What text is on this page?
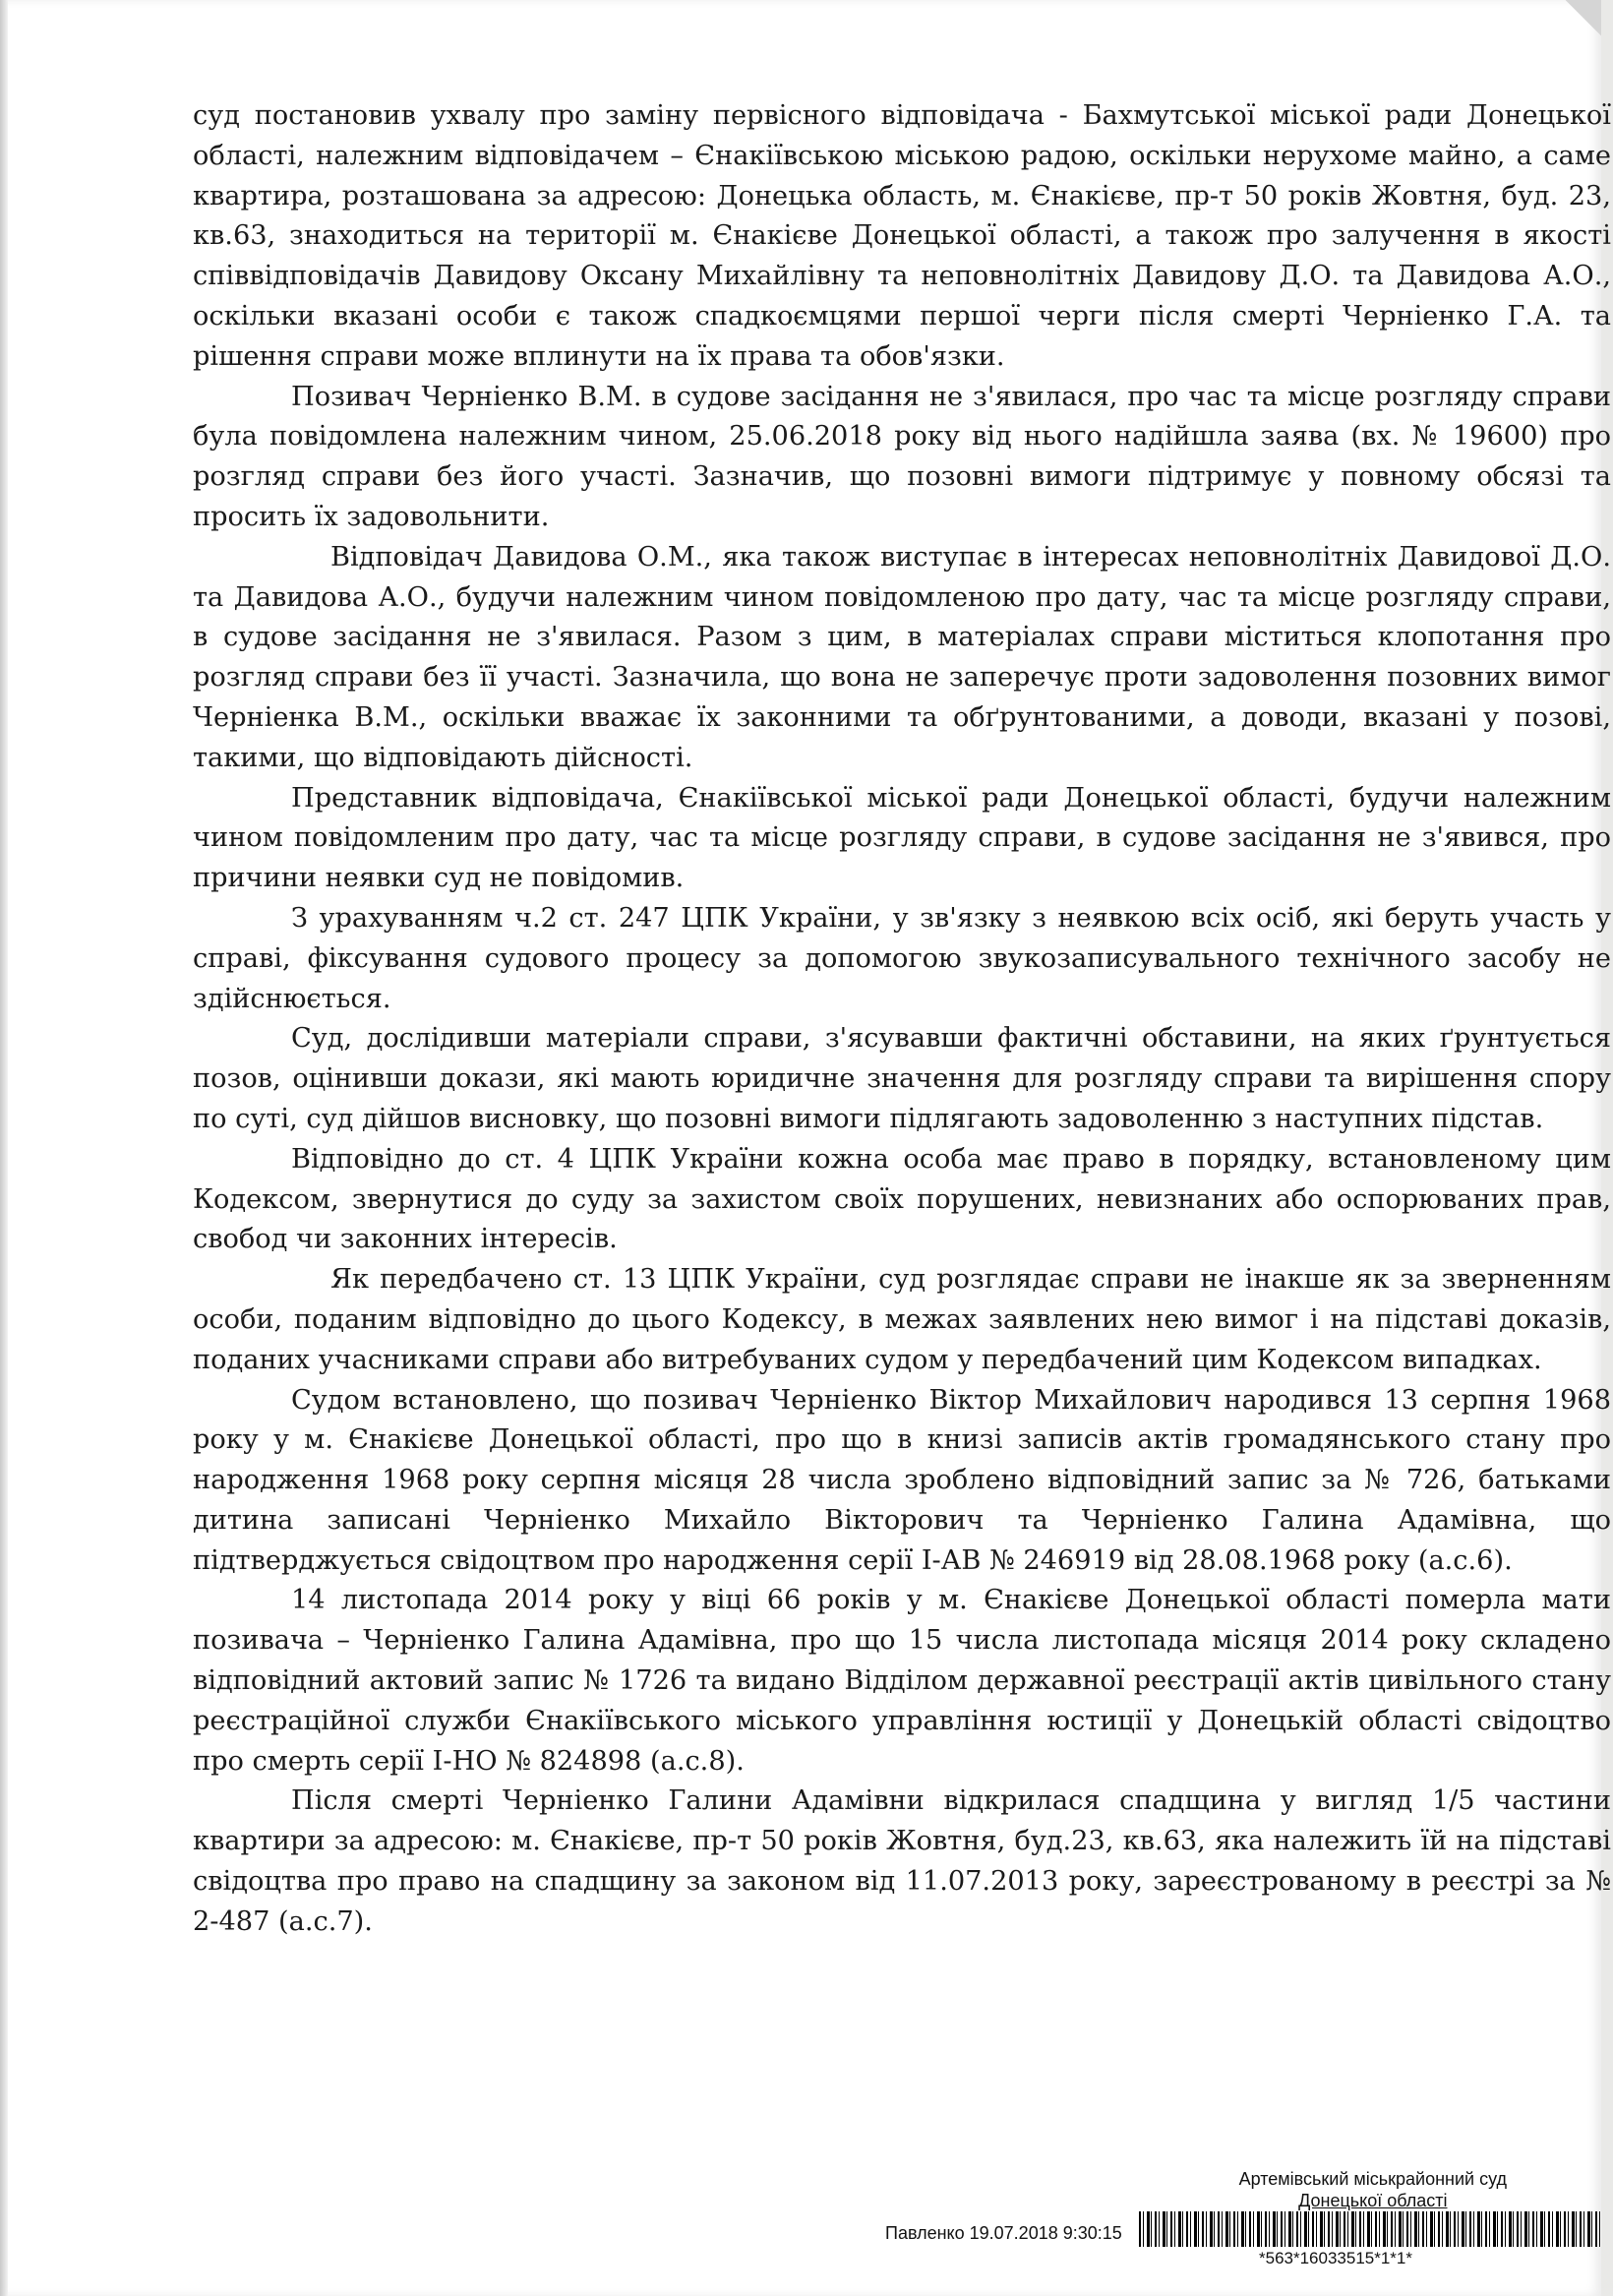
суд постановив ухвалу про заміну первісного відповідача - Бахмутської міської ради Донецької області, належним відповідачем – Єнакіївською міською радою, оскільки нерухоме майно, а саме квартира, розташована за адресою: Донецька область, м. Єнакієве, пр-т 50 років Жовтня, буд. 23, кв.63, знаходиться на території м. Єнакієве Донецької області, а також про залучення в якості співвідповідачів Давидову Оксану Михайлівну та неповнолітніх Давидову Д.О. та Давидова А.О., оскільки вказані особи є також спадкоємцями першої черги після смерті Черніенко Г.А. та рішення справи може вплинути на їх права та обов'язки.

Позивач Черніенко В.М. в судове засідання не з'явилася, про час та місце розгляду справи була повідомлена належним чином, 25.06.2018 року від нього надійшла заява (вх. № 19600) про розгляд справи без його участі. Зазначив, що позовні вимоги підтримує у повному обсязі та просить їх задовольнити.

Відповідач Давидова О.М., яка також виступає в інтересах неповнолітніх Давидової Д.О. та Давидова А.О., будучи належним чином повідомленою про дату, час та місце розгляду справи, в судове засідання не з'явилася. Разом з цим, в матеріалах справи міститься клопотання про розгляд справи без її участі. Зазначила, що вона не заперечує проти задоволення позовних вимог Черніенка В.М., оскільки вважає їх законними та обґрунтованими, а доводи, вказані у позові, такими, що відповідають дійсності.

Представник відповідача, Єнакіївської міської ради Донецької області, будучи належним чином повідомленим про дату, час та місце розгляду справи, в судове засідання не з'явився, про причини неявки суд не повідомив.

З урахуванням ч.2 ст. 247 ЦПК України, у зв'язку з неявкою всіх осіб, які беруть участь у справі, фіксування судового процесу за допомогою звукозаписувального технічного засобу не здійснюється.

Суд, дослідивши матеріали справи, з'ясувавши фактичні обставини, на яких ґрунтується позов, оцінивши докази, які мають юридичне значення для розгляду справи та вирішення спору по суті, суд дійшов висновку, що позовні вимоги підлягають задоволенню з наступних підстав.

Відповідно до ст. 4 ЦПК України кожна особа має право в порядку, встановленому цим Кодексом, звернутися до суду за захистом своїх порушених, невизнаних або оспорюваних прав, свобод чи законних інтересів.

Як передбачено ст. 13 ЦПК України, суд розглядає справи не інакше як за зверненням особи, поданим відповідно до цього Кодексу, в межах заявлених нею вимог і на підставі доказів, поданих учасниками справи або витребуваних судом у передбачений цим Кодексом випадках.

Судом встановлено, що позивач Черніенко Віктор Михайлович народився 13 серпня 1968 року у м. Єнакієве Донецької області, про що в книзі записів актів громадянського стану про народження 1968 року серпня місяця 28 числа зроблено відповідний запис за № 726, батьками дитина записані Черніенко Михайло Вікторович та Черніенко Галина Адамівна, що підтверджується свідоцтвом про народження серії І-АВ № 246919 від 28.08.1968 року (а.с.6).

14 листопада 2014 року у віці 66 років у м. Єнакієве Донецької області померла мати позивача – Черніенко Галина Адамівна, про що 15 числа листопада місяця 2014 року складено відповідний актовий запис № 1726 та видано Відділом державної реєстрації актів цивільного стану реєстраційної служби Єнакіївського міського управління юстиції у Донецькій області свідоцтво про смерть серії І-НО № 824898 (а.с.8).

Після смерті Черніенко Галини Адамівни відкрилася спадщина у вигляд 1/5 частини квартири за адресою: м. Єнакієве, пр-т 50 років Жовтня, буд.23, кв.63, яка належить їй на підставі свідоцтва про право на спадщину за законом від 11.07.2013 року, зареєстрованому в реєстрі за № 2-487 (а.с.7).

Артемівський міськрайонний суд
Донецької області
Павленко 19.07.2018 9:30:15
*563*16033515*1*1*
